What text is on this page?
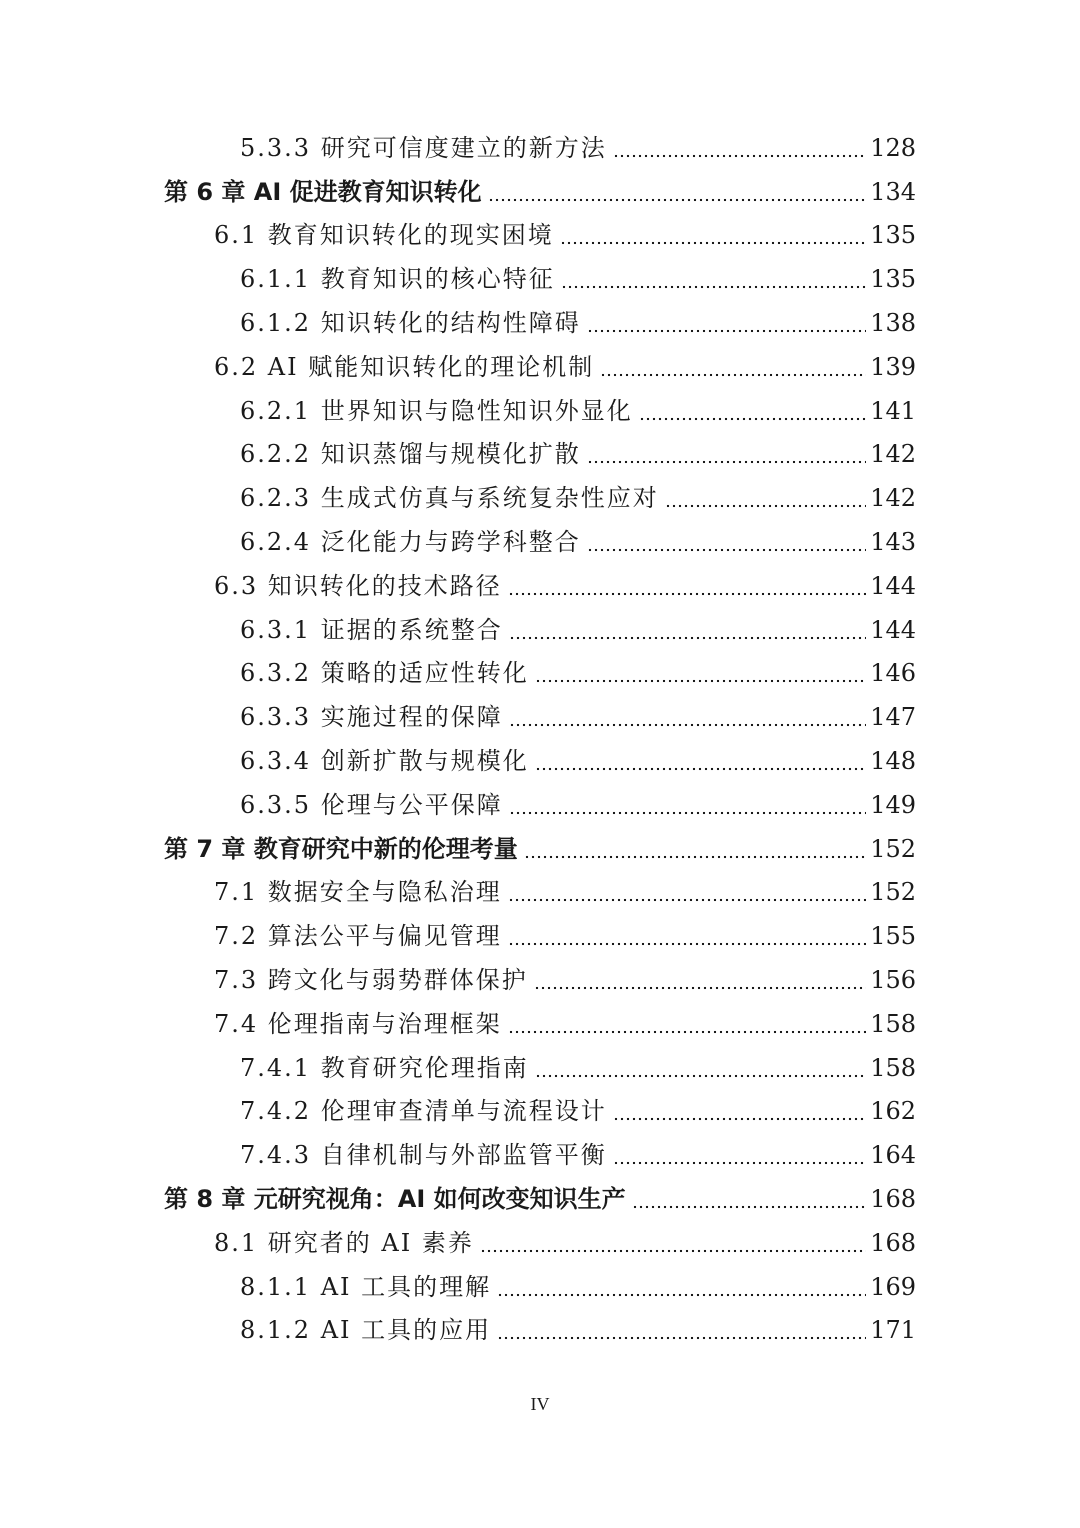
5.3.3 研究可信度建立的新方法	128
第 6 章 AI 促进教育知识转化	134
6.1 教育知识转化的现实困境	135
6.1.1 教育知识的核心特征	135
6.1.2 知识转化的结构性障碍	138
6.2 AI 赋能知识转化的理论机制	139
6.2.1 世界知识与隐性知识外显化	141
6.2.2 知识蒸馏与规模化扩散	142
6.2.3 生成式仿真与系统复杂性应对	142
6.2.4 泛化能力与跨学科整合	143
6.3 知识转化的技术路径	144
6.3.1 证据的系统整合	144
6.3.2 策略的适应性转化	146
6.3.3 实施过程的保障	147
6.3.4 创新扩散与规模化	148
6.3.5 伦理与公平保障	149
第 7 章 教育研究中新的伦理考量	152
7.1 数据安全与隐私治理	152
7.2 算法公平与偏见管理	155
7.3 跨文化与弱势群体保护	156
7.4 伦理指南与治理框架	158
7.4.1 教育研究伦理指南	158
7.4.2 伦理审查清单与流程设计	162
7.4.3 自律机制与外部监管平衡	164
第 8 章 元研究视角：AI 如何改变知识生产	168
8.1 研究者的 AI 素养	168
8.1.1 AI 工具的理解	169
8.1.2 AI 工具的应用	171
IV
